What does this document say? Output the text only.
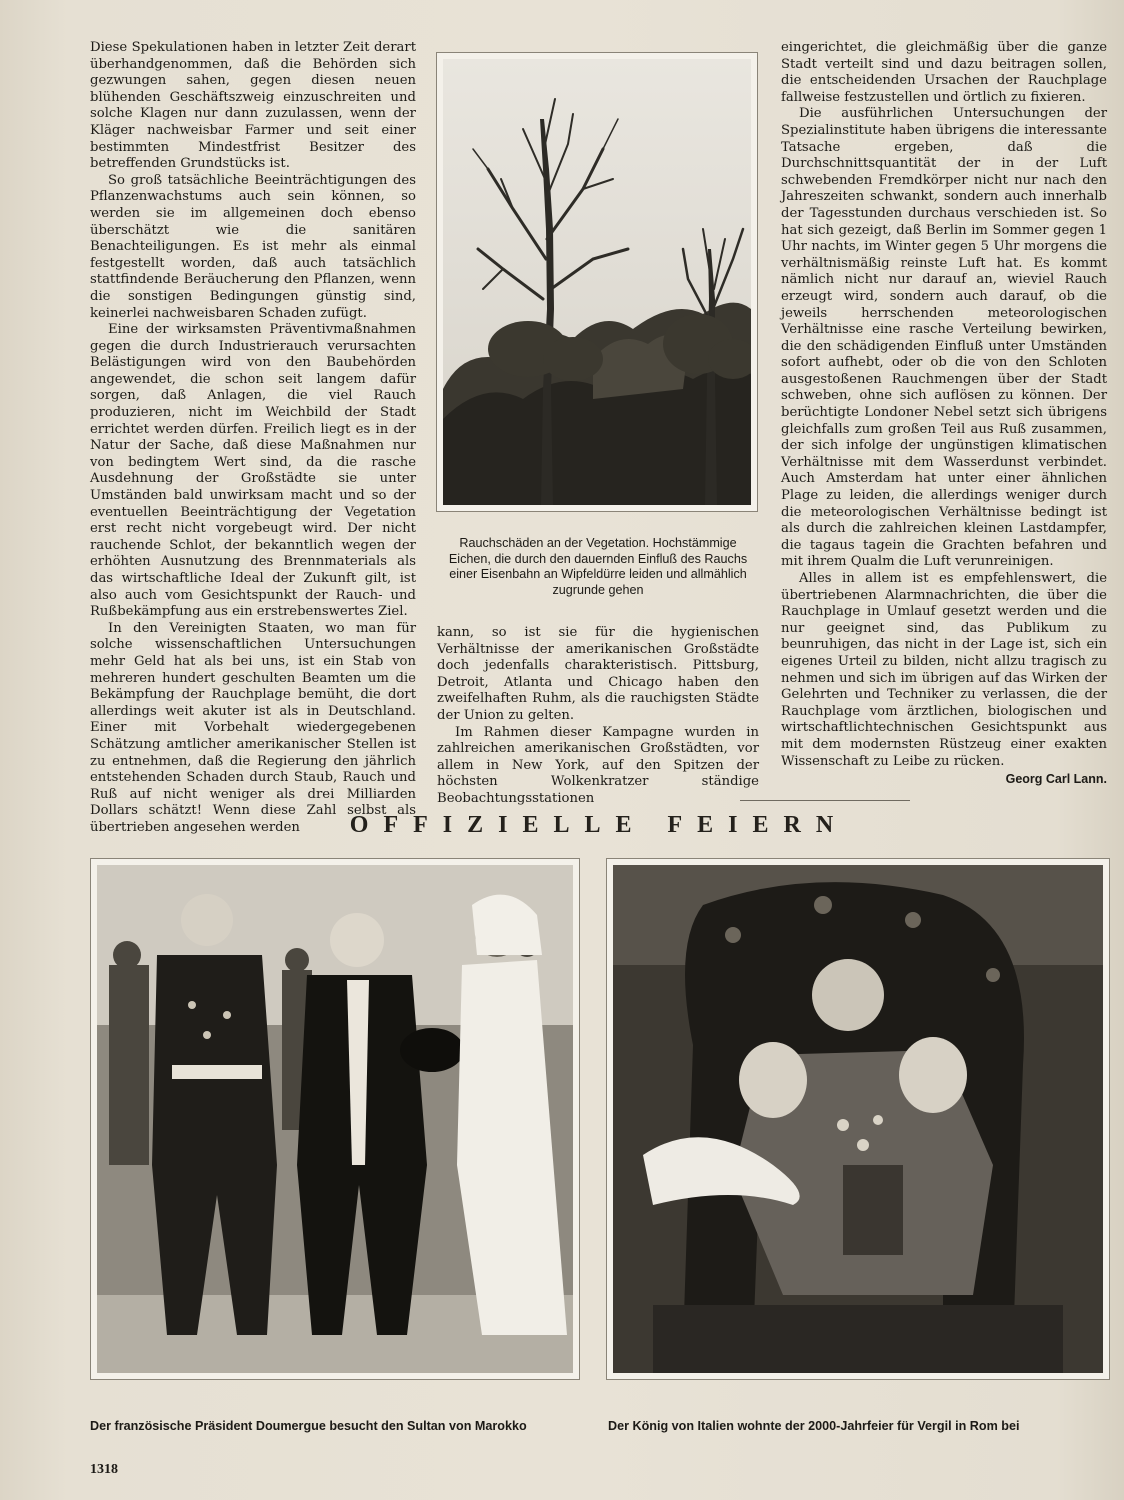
Diese Spekulationen haben in letzter Zeit derart überhandgenommen, daß die Behörden sich gezwungen sahen, gegen diesen neuen blühenden Geschäftszweig einzuschreiten und solche Klagen nur dann zuzulassen, wenn der Kläger nachweisbar Farmer und seit einer bestimmten Mindestfrist Besitzer des betreffenden Grundstücks ist.

So groß tatsächliche Beeinträchtigungen des Pflanzenwachstums auch sein können, so werden sie im allgemeinen doch ebenso überschätzt wie die sanitären Benachteiligungen. Es ist mehr als einmal festgestellt worden, daß auch tatsächlich stattfindende Beräucherung den Pflanzen, wenn die sonstigen Bedingungen günstig sind, keinerlei nachweisbaren Schaden zufügt.

Eine der wirksamsten Präventivmaßnahmen gegen die durch Industrierauch verursachten Belästigungen wird von den Baubehörden angewendet, die schon seit langem dafür sorgen, daß Anlagen, die viel Rauch produzieren, nicht im Weichbild der Stadt errichtet werden dürfen. Freilich liegt es in der Natur der Sache, daß diese Maßnahmen nur von bedingtem Wert sind, da die rasche Ausdehnung der Großstädte sie unter Umständen bald unwirksam macht und so der eventuellen Beeinträchtigung der Vegetation erst recht nicht vorgebeugt wird. Der nicht rauchende Schlot, der bekanntlich wegen der erhöhten Ausnutzung des Brennmaterials als das wirtschaftliche Ideal der Zukunft gilt, ist also auch vom Gesichtspunkt der Rauch- und Rußbekämpfung aus ein erstrebenswertes Ziel.

In den Vereinigten Staaten, wo man für solche wissenschaftlichen Untersuchungen mehr Geld hat als bei uns, ist ein Stab von mehreren hundert geschulten Beamten um die Bekämpfung der Rauchplage bemüht, die dort allerdings weit akuter ist als in Deutschland. Einer mit Vorbehalt wiedergegebenen Schätzung amtlicher amerikanischer Stellen ist zu entnehmen, daß die Regierung den jährlich entstehenden Schaden durch Staub, Rauch und Ruß auf nicht weniger als drei Milliarden Dollars schätzt! Wenn diese Zahl selbst als übertrieben angesehen werden

Rauchschäden an der Vegetation. Hochstämmige Eichen, die durch den dauernden Einfluß des Rauchs einer Eisenbahn an Wipfeldürre leiden und allmählich zugrunde gehen

kann, so ist sie für die hygienischen Verhältnisse der amerikanischen Großstädte doch jedenfalls charakteristisch. Pittsburg, Detroit, Atlanta und Chicago haben den zweifelhaften Ruhm, als die rauchigsten Städte der Union zu gelten.

Im Rahmen dieser Kampagne wurden in zahlreichen amerikanischen Großstädten, vor allem in New York, auf den Spitzen der höchsten Wolkenkratzer ständige Beobachtungsstationen

eingerichtet, die gleichmäßig über die ganze Stadt verteilt sind und dazu beitragen sollen, die entscheidenden Ursachen der Rauchplage fallweise festzustellen und örtlich zu fixieren.

Die ausführlichen Untersuchungen der Spezialinstitute haben übrigens die interessante Tatsache ergeben, daß die Durchschnittsquantität der in der Luft schwebenden Fremdkörper nicht nur nach den Jahreszeiten schwankt, sondern auch innerhalb der Tagesstunden durchaus verschieden ist. So hat sich gezeigt, daß Berlin im Sommer gegen 1 Uhr nachts, im Winter gegen 5 Uhr morgens die verhältnismäßig reinste Luft hat. Es kommt nämlich nicht nur darauf an, wieviel Rauch erzeugt wird, sondern auch darauf, ob die jeweils herrschenden meteorologischen Verhältnisse eine rasche Verteilung bewirken, die den schädigenden Einfluß unter Umständen sofort aufhebt, oder ob die von den Schloten ausgestoßenen Rauchmengen über der Stadt schweben, ohne sich auflösen zu können. Der berüchtigte Londoner Nebel setzt sich übrigens gleichfalls zum großen Teil aus Ruß zusammen, der sich infolge der ungünstigen klimatischen Verhältnisse mit dem Wasserdunst verbindet. Auch Amsterdam hat unter einer ähnlichen Plage zu leiden, die allerdings weniger durch die meteorologischen Verhältnisse bedingt ist als durch die zahlreichen kleinen Lastdampfer, die tagaus tagein die Grachten befahren und mit ihrem Qualm die Luft verunreinigen.

Alles in allem ist es empfehlenswert, die übertriebenen Alarmnachrichten, die über die Rauchplage in Umlauf gesetzt werden und die nur geeignet sind, das Publikum zu beunruhigen, das nicht in der Lage ist, sich ein eigenes Urteil zu bilden, nicht allzu tragisch zu nehmen und sich im übrigen auf das Wirken der Gelehrten und Techniker zu verlassen, die der Rauchplage vom ärztlichen, biologischen und wirtschaftlichtechnischen Gesichtspunkt aus mit dem modernsten Rüstzeug einer exakten Wissenschaft zu Leibe zu rücken.

Georg Carl Lann.
OFFIZIELLE FEIERN
Der französische Präsident Doumergue besucht den Sultan von Marokko	Der König von Italien wohnte der 2000-Jahrfeier für Vergil in Rom bei
1318
